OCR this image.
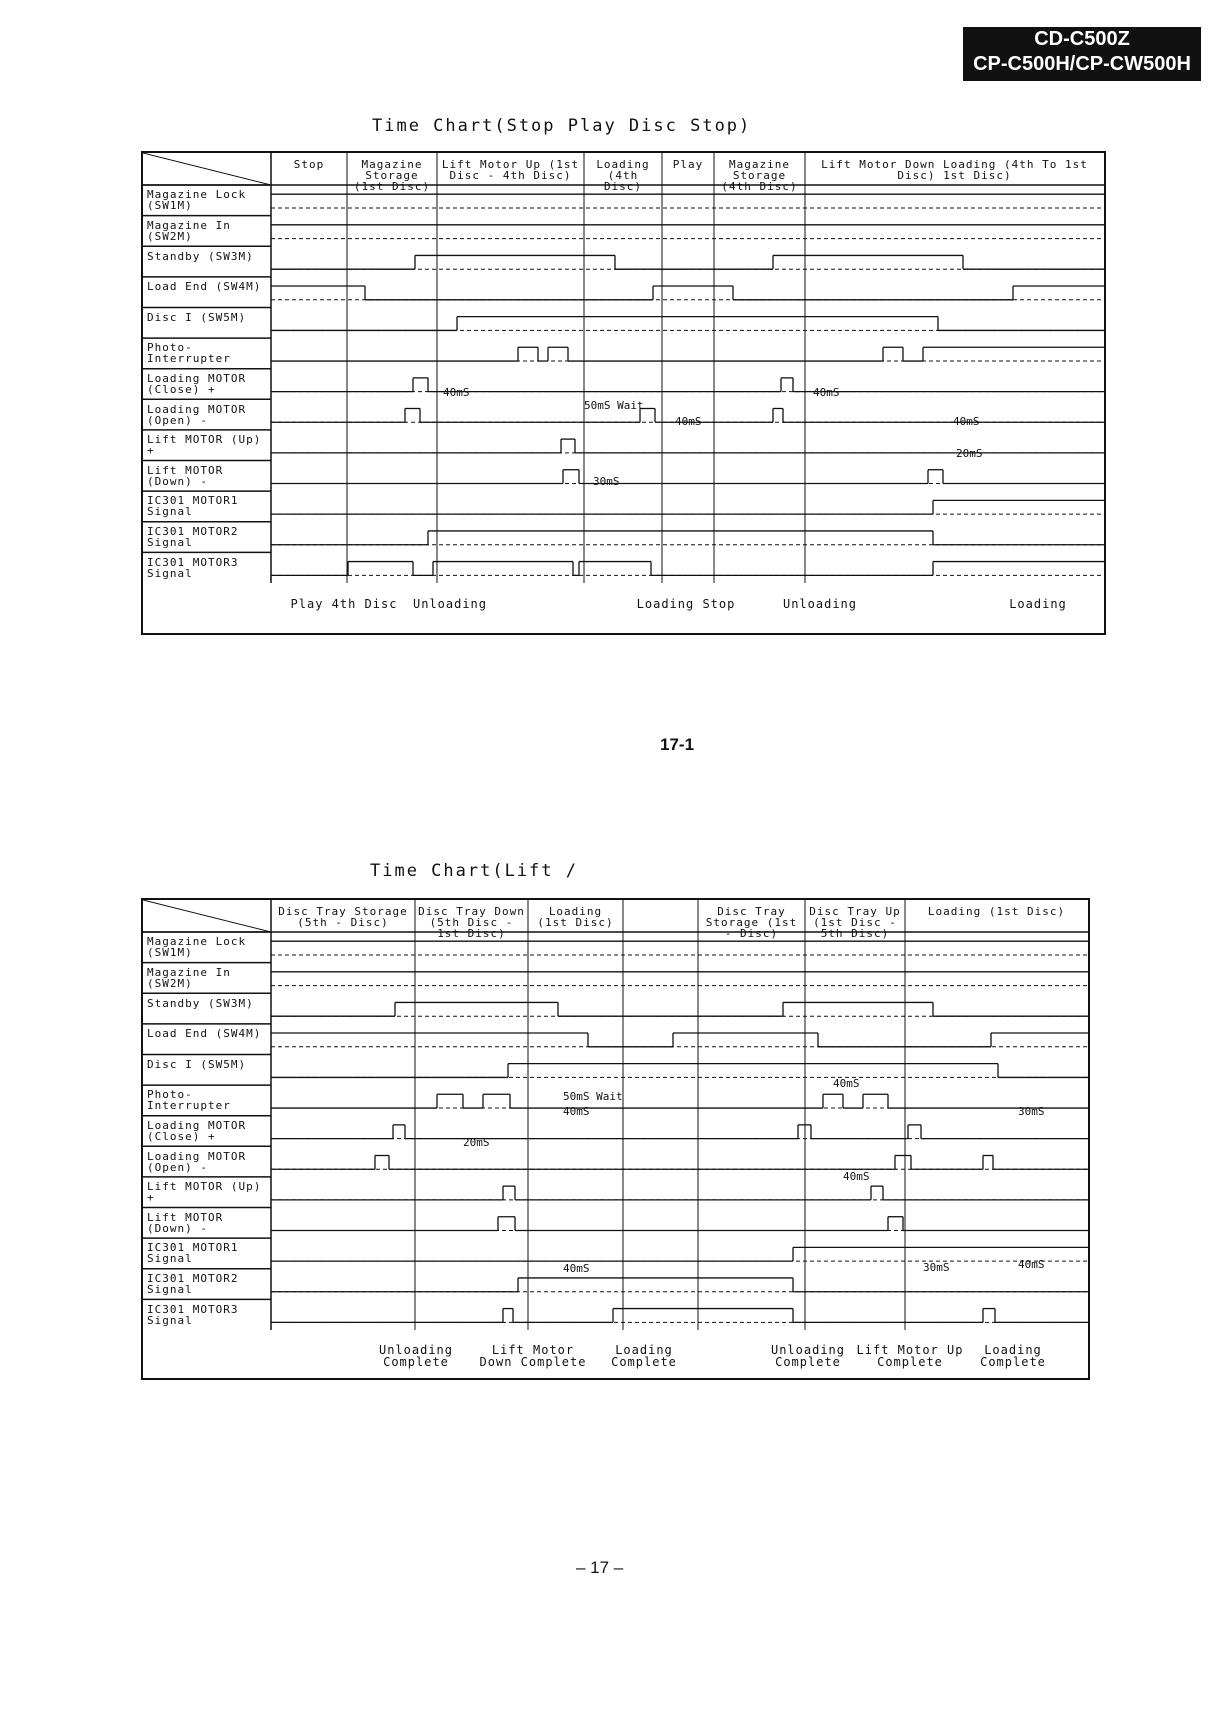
CD-C500Z
CP-C500H/CP-CW500H
Time Chart(Stop Play Disc Stop)
Magazine Lock (SW1M)
Magazine In (SW2M)
Standby (SW3M)
Load End (SW4M)
Disc I (SW5M)
Photo-Interrupter
Loading MOTOR (Close) +
Loading MOTOR (Open) -
Lift MOTOR (Up) +
Lift MOTOR (Down) -
IC301 MOTOR1 Signal
IC301 MOTOR2 Signal
IC301 MOTOR3 Signal
Stop	Magazine Storage (1st Disc)
Lift Motor Up (1st Disc - 4th Disc)
Loading (4th Disc)
Play	Magazine Storage (4th Disc)
Lift Motor Down Loading (4th To 1st Disc) 1st Disc)
40mS
50mS Wait
40mS
40mS
40mS
20mS
30mS
Play 4th Disc	Unloading	Loading Stop	Unloading	Loading
17-1
Time Chart(Lift /
Magazine Lock (SW1M)
Magazine In (SW2M)
Standby (SW3M)
Load End (SW4M)
Disc I (SW5M)
Photo-Interrupter
Loading MOTOR (Close) +
Loading MOTOR (Open) -
Lift MOTOR (Up) +
Lift MOTOR (Down) -
IC301 MOTOR1 Signal
IC301 MOTOR2 Signal
IC301 MOTOR3 Signal
Disc Tray Storage (5th - Disc)
Disc Tray Down (5th Disc - 1st Disc)
Loading (1st Disc)
Disc Tray Storage (1st - Disc)
Disc Tray Up (1st Disc - 5th Disc)
Loading (1st Disc)
50mS Wait
40mS
20mS
40mS
40mS
30mS
40mS
30mS	40mS
Unloading Complete
Lift Motor Down Complete
Loading Complete
Unloading Complete
Lift Motor Up Complete
Loading Complete
– 17 –
